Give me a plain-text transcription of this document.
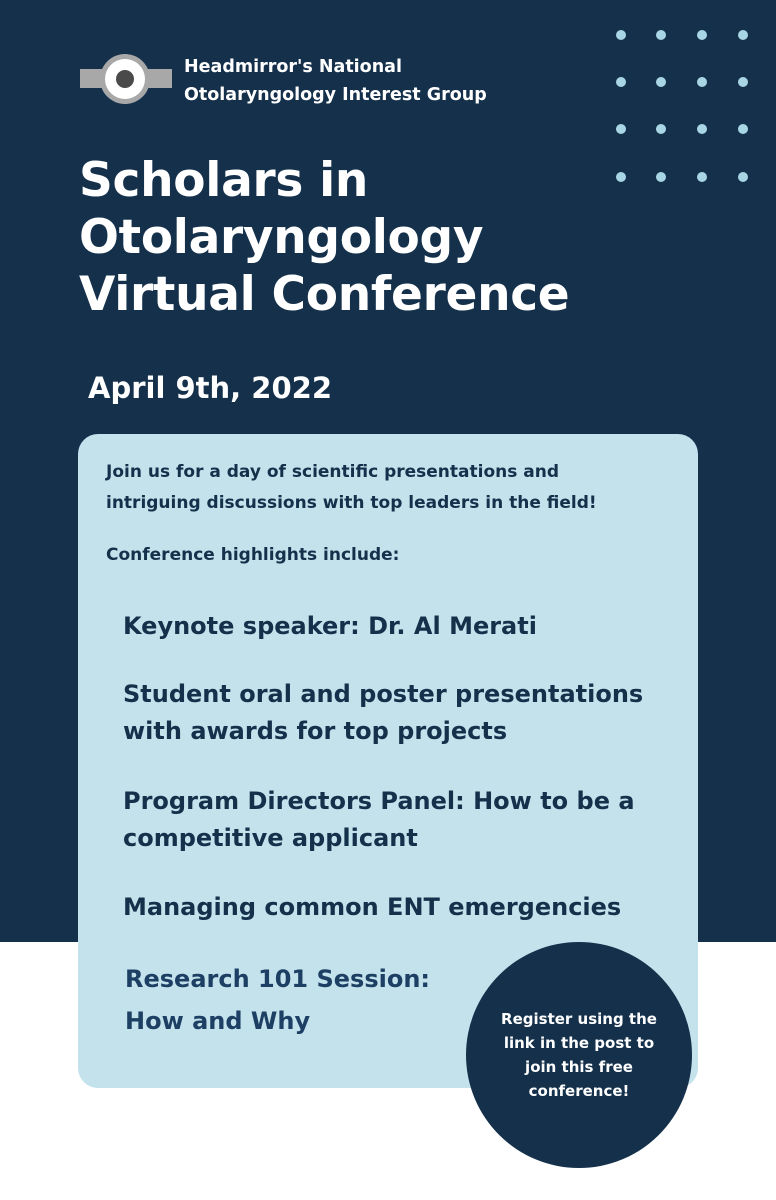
Headmirror's National
Otolaryngology Interest Group
Scholars in
Otolaryngology
Virtual Conference
April 9th, 2022
Join us for a day of scientific presentations and
intriguing discussions with top leaders in the field!
Conference highlights include:
Keynote speaker: Dr. Al Merati
Student oral and poster presentations
with awards for top projects
Program Directors Panel: How to be a
competitive applicant
Managing common ENT emergencies
Research 101 Session:
How and Why	Register using the
link in the post to
join this free
conference!
